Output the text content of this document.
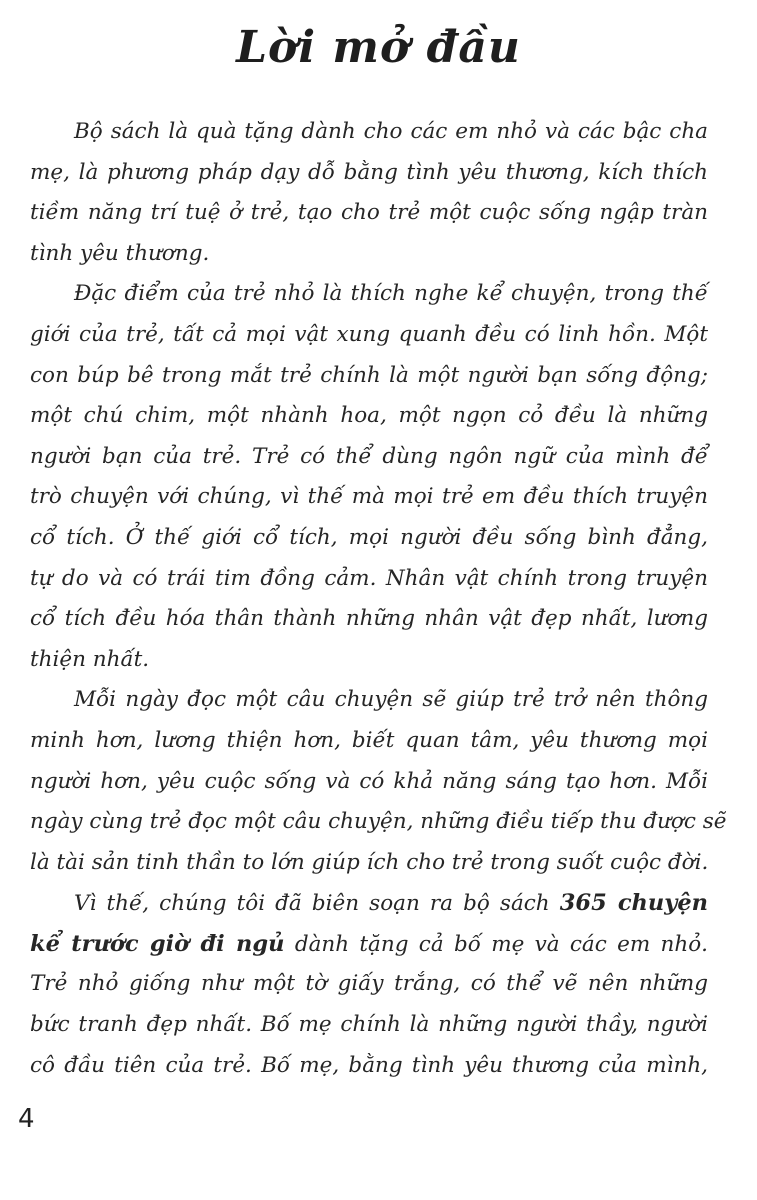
Lời mở đầu
Bộ sách là quà tặng dành cho các em nhỏ và các bậc cha
mẹ, là phương pháp dạy dỗ bằng tình yêu thương, kích thích
tiềm năng trí tuệ ở trẻ, tạo cho trẻ một cuộc sống ngập tràn
tình yêu thương.
Đặc điểm của trẻ nhỏ là thích nghe kể chuyện, trong thế
giới của trẻ, tất cả mọi vật xung quanh đều có linh hồn. Một
con búp bê trong mắt trẻ chính là một người bạn sống động;
một chú chim, một nhành hoa, một ngọn cỏ đều là những
người bạn của trẻ. Trẻ có thể dùng ngôn ngữ của mình để
trò chuyện với chúng, vì thế mà mọi trẻ em đều thích truyện
cổ tích. Ở thế giới cổ tích, mọi người đều sống bình đẳng,
tự do và có trái tim đồng cảm. Nhân vật chính trong truyện
cổ tích đều hóa thân thành những nhân vật đẹp nhất, lương
thiện nhất.
Mỗi ngày đọc một câu chuyện sẽ giúp trẻ trở nên thông
minh hơn, lương thiện hơn, biết quan tâm, yêu thương mọi
người hơn, yêu cuộc sống và có khả năng sáng tạo hơn. Mỗi
ngày cùng trẻ đọc một câu chuyện, những điều tiếp thu được sẽ
là tài sản tinh thần to lớn giúp ích cho trẻ trong suốt cuộc đời.
Vì thế, chúng tôi đã biên soạn ra bộ sách 365 chuyện
kể trước giờ đi ngủ dành tặng cả bố mẹ và các em nhỏ.
Trẻ nhỏ giống như một tờ giấy trắng, có thể vẽ nên những
bức tranh đẹp nhất. Bố mẹ chính là những người thầy, người
cô đầu tiên của trẻ. Bố mẹ, bằng tình yêu thương của mình,
4
